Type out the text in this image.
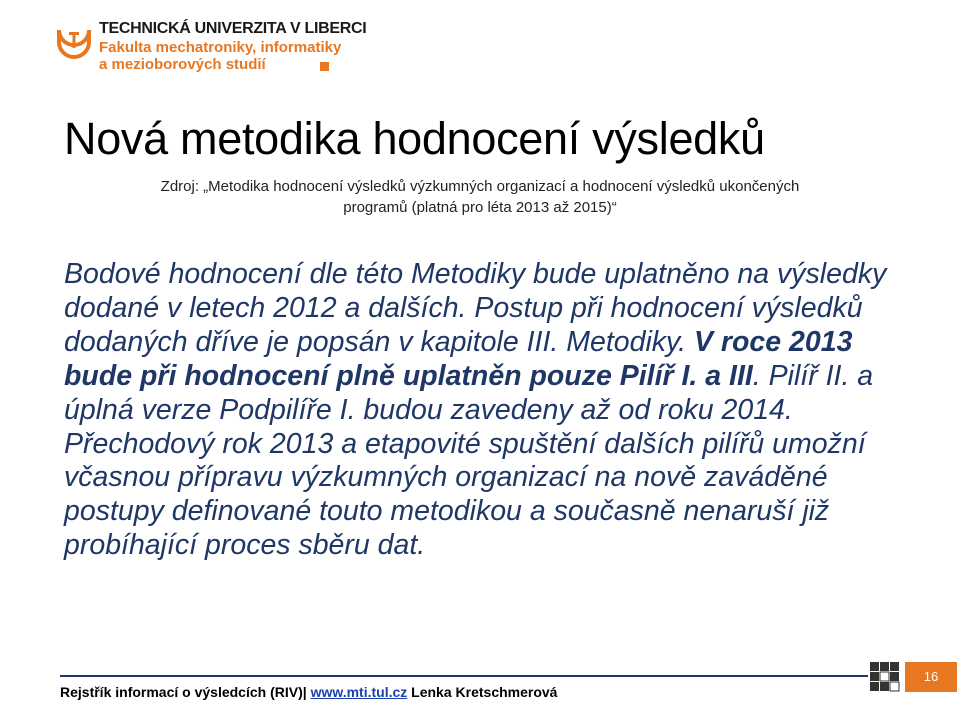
TECHNICKÁ UNIVERZITA V LIBERCI
Fakulta mechatroniky, informatiky
a mezioborových studií
Nová metodika hodnocení výsledků
Zdroj: „Metodika hodnocení výsledků výzkumných organizací a hodnocení výsledků ukončených
programů (platná pro léta 2013 až 2015)“
Bodové hodnocení dle této Metodiky bude uplatněno na výsledky dodané v letech 2012 a dalších. Postup při hodnocení výsledků dodaných dříve je popsán v kapitole III. Metodiky. V roce 2013 bude při hodnocení plně uplatněn pouze Pilíř I. a III. Pilíř II. a úplná verze Podpilíře I. budou zavedeny až od roku 2014. Přechodový rok 2013 a etapovité spuštění dalších pilířů umožní včasnou přípravu výzkumných organizací na nově zaváděné postupy definované touto metodikou a současně nenaruší již probíhající proces sběru dat.
Rejstřík informací o výsledcích (RIV)| www.mti.tul.cz Lenka Kretschmerová
16
